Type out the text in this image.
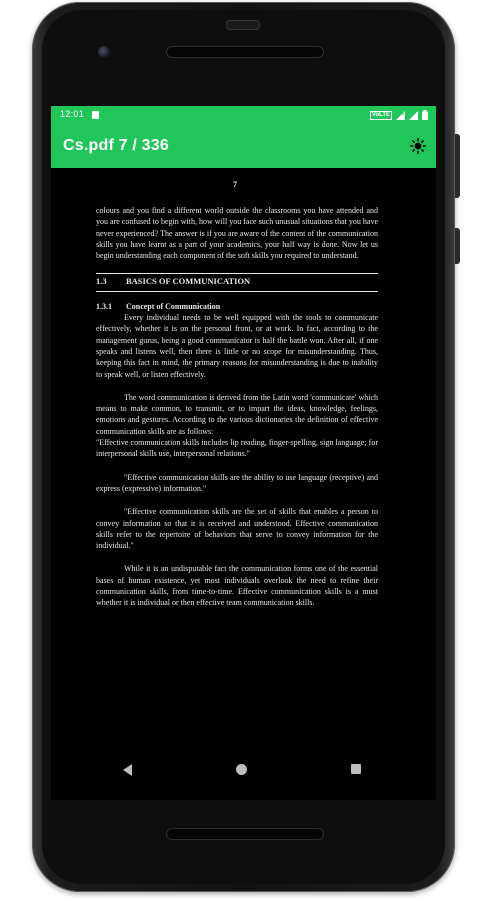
12:01	VoLTE
Cs.pdf 7 / 336
7

colours and you find a different world outside the classrooms you have attended and you are confused to begin with, how will you face such unusual situations that you have never experienced? The answer is if you are aware of the content of the communication skills you have learnt as a part of your academics, your half way is done. Now let us begin understanding each component of the soft skills you required to understand.

1.3	BASICS OF COMMUNICATION

1.3.1	Concept of Communication

Every individual needs to be well equipped with the tools to communicate effectively, whether it is on the personal front, or at work. In fact, according to the management gurus, being a good communicator is half the battle won. After all, if one speaks and listens well, then there is little or no scope for misunderstanding. Thus, keeping this fact in mind, the primary reasons for misunderstanding is due to inability to speak well, or listen effectively.

The word communication is derived from the Latin word 'communicate' which means to make common, to transmit, or to impart the ideas, knowledge, feelings, emotions and gestures. According to the various dictionaries the definition of effective communication skills are as follows:

"Effective communication skills includes lip reading, finger-spelling, sign language; for interpersonal skills use, interpersonal relations."

"Effective communication skills are the ability to use language (receptive) and express (expressive) information."

"Effective communication skills are the set of skills that enables a person to convey information so that it is received and understood. Effective communication skills refer to the repertoire of behaviors that serve to convey information for the individual."

While it is an undisputable fact the communication forms one of the essential bases of human existence, yet most individuals overlook the need to refine their communication skills, from time-to-time. Effective communication skills is a must whether it is individual or then effective team communication skills.
